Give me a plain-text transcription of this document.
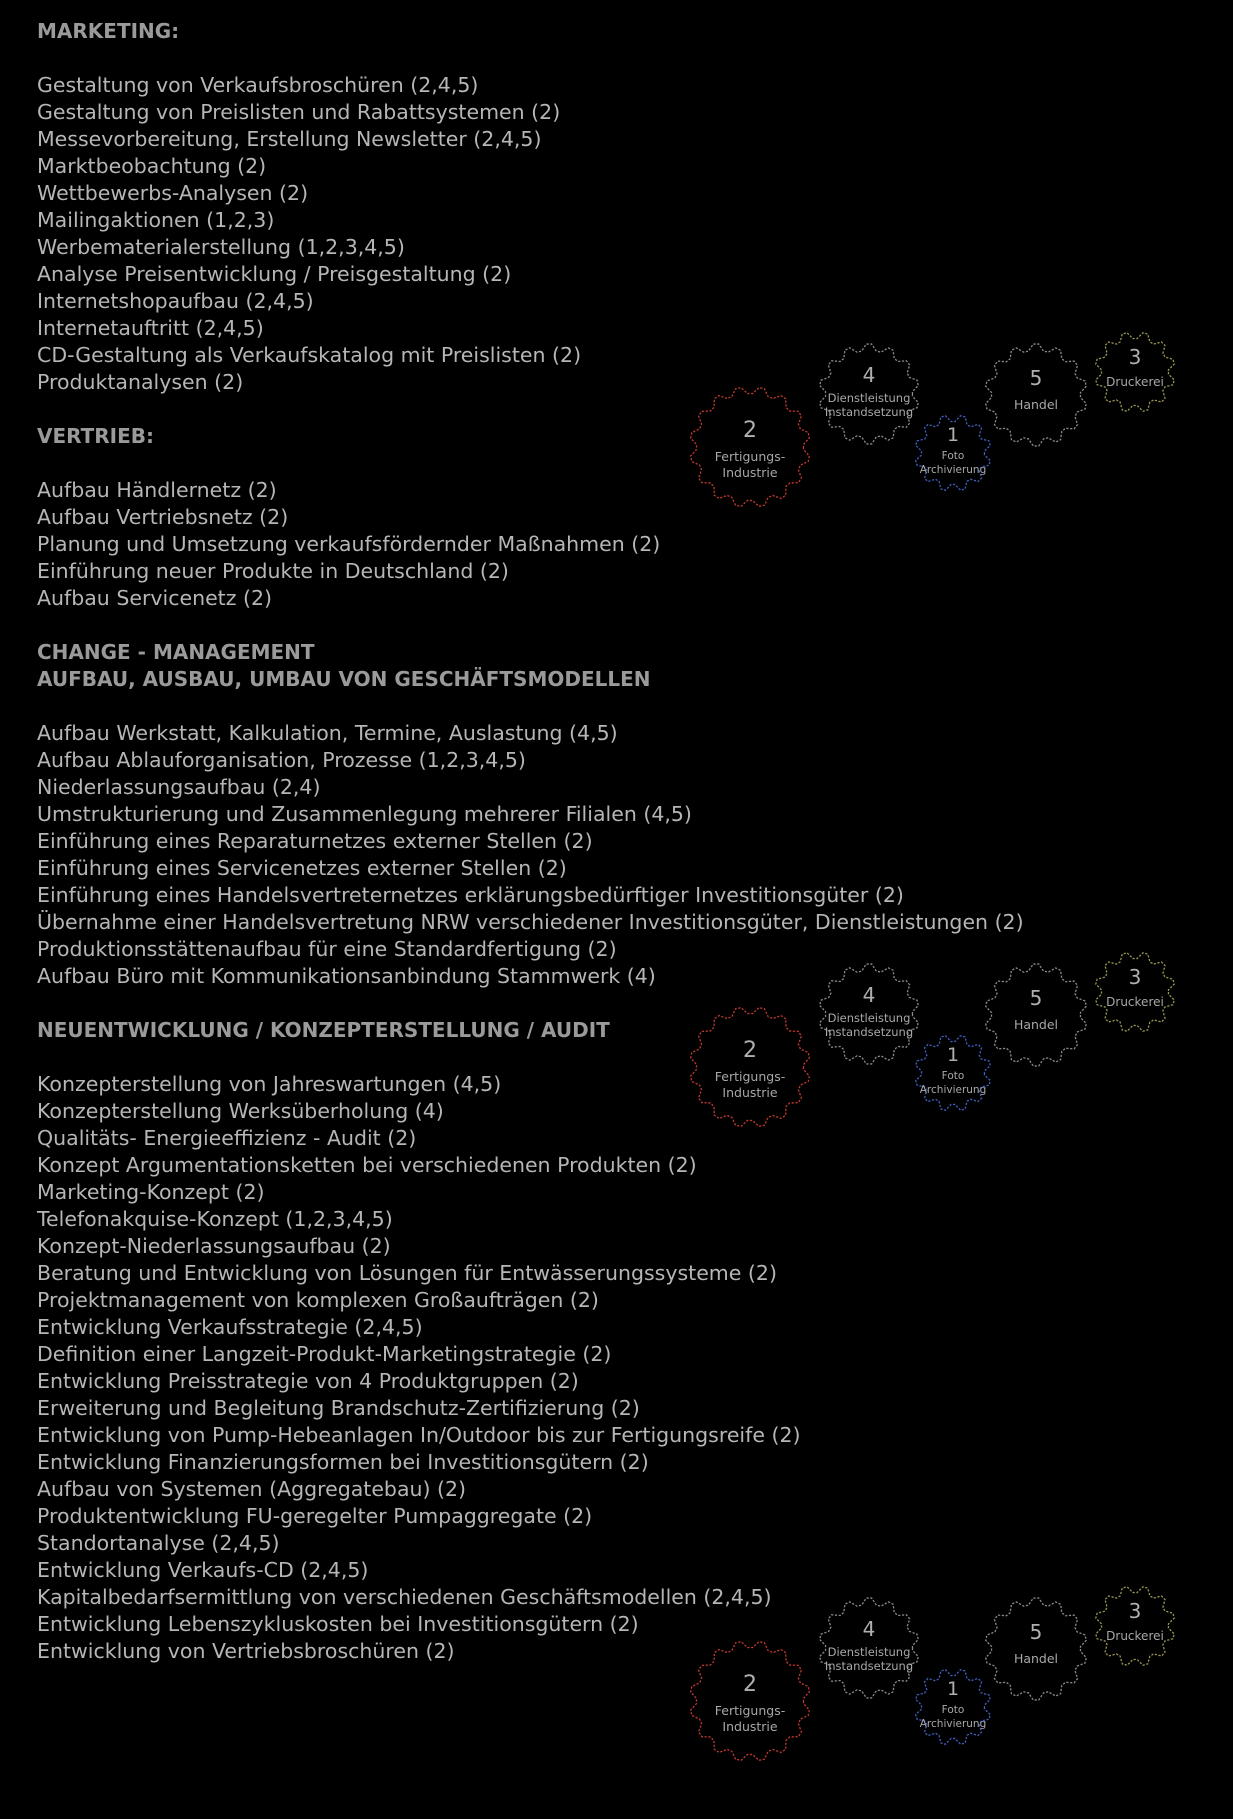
MARKETING:
Gestaltung von Verkaufsbroschüren (2,4,5)
Gestaltung von Preislisten und Rabattsystemen (2)
Messevorbereitung, Erstellung Newsletter (2,4,5)
Marktbeobachtung (2)
Wettbewerbs-Analysen (2)
Mailingaktionen (1,2,3)
Werbematerialerstellung (1,2,3,4,5)
Analyse Preisentwicklung / Preisgestaltung (2)
Internetshopaufbau (2,4,5)
Internetauftritt (2,4,5)
CD-Gestaltung als Verkaufskatalog mit Preislisten (2)
Produktanalysen (2)
VERTRIEB:
Aufbau Händlernetz (2)
Aufbau Vertriebsnetz (2)
Planung und Umsetzung verkaufsfördernder Maßnahmen (2)
Einführung neuer Produkte in Deutschland (2)
Aufbau Servicenetz (2)
CHANGE - MANAGEMENT
AUFBAU, AUSBAU, UMBAU VON GESCHÄFTSMODELLEN
Aufbau Werkstatt, Kalkulation, Termine, Auslastung (4,5)
Aufbau Ablauforganisation, Prozesse (1,2,3,4,5)
Niederlassungsaufbau (2,4)
Umstrukturierung und Zusammenlegung mehrerer Filialen (4,5)
Einführung eines Reparaturnetzes externer Stellen (2)
Einführung eines Servicenetzes externer Stellen (2)
Einführung eines Handelsvertreternetzes erklärungsbedürftiger Investitionsgüter (2)
Übernahme einer Handelsvertretung NRW verschiedener Investitionsgüter, Dienstleistungen (2)
Produktionsstättenaufbau für eine Standardfertigung (2)
Aufbau Büro mit Kommunikationsanbindung Stammwerk (4)
NEUENTWICKLUNG / KONZEPTERSTELLUNG / AUDIT
Konzepterstellung von Jahreswartungen (4,5)
Konzepterstellung Werksüberholung (4)
Qualitäts- Energieeffizienz - Audit (2)
Konzept Argumentationsketten bei verschiedenen Produkten (2)
Marketing-Konzept (2)
Telefonakquise-Konzept (1,2,3,4,5)
Konzept-Niederlassungsaufbau (2)
Beratung und Entwicklung von Lösungen für Entwässerungssysteme (2)
Projektmanagement von komplexen Großaufträgen (2)
Entwicklung Verkaufsstrategie (2,4,5)
Definition einer Langzeit-Produkt-Marketingstrategie (2)
Entwicklung Preisstrategie von 4 Produktgruppen (2)
Erweiterung und Begleitung Brandschutz-Zertifizierung (2)
Entwicklung von Pump-Hebeanlagen In/Outdoor bis zur Fertigungsreife (2)
Entwicklung Finanzierungsformen bei Investitionsgütern (2)
Aufbau von Systemen (Aggregatebau) (2)
Produktentwicklung FU-geregelter Pumpaggregate (2)
Standortanalyse (2,4,5)
Entwicklung Verkaufs-CD (2,4,5)
Kapitalbedarfsermittlung von verschiedenen Geschäftsmodellen (2,4,5)
Entwicklung Lebenszykluskosten bei Investitionsgütern (2)
Entwicklung von Vertriebsbroschüren (2)
2
Fertigungs-
Industrie
4
Dienstleistung
Instandsetzung
1
Foto
Archivierung
5
Handel
3
Druckerei
2
Fertigungs-
Industrie
4
Dienstleistung
Instandsetzung
1
Foto
Archivierung
5
Handel
3
Druckerei
2
Fertigungs-
Industrie
4
Dienstleistung
Instandsetzung
1
Foto
Archivierung
5
Handel
3
Druckerei
